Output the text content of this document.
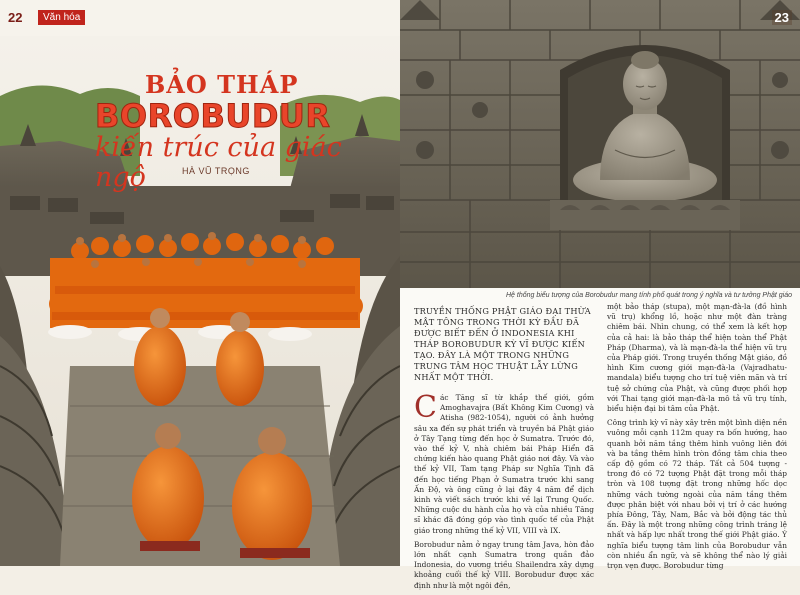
22	Văn hóa
BẢO THÁP
BOROBUDUR
kiến trúc của giác ngộ	HÀ VŨ TRỌNG
23
Hệ thống biểu tượng của Borobudur mang tính phổ quát trong ý nghĩa và tư tưởng Phật giáo

TRUYỀN THỐNG PHẬT GIÁO ĐẠI THỪA MẬT TÔNG TRONG THỜI KỲ ĐẦU ĐÃ ĐƯỢC BIẾT ĐẾN Ở INDONESIA KHI THÁP BOROBUDUR KỲ VĨ ĐƯỢC KIẾN TẠO. ĐÂY LÀ MỘT TRONG NHỮNG TRUNG TÂM HỌC THUẬT LẪY LỪNG NHẤT MỘT THỜI.

Các Tăng sĩ từ khắp thế giới, gồm Amoghavajra (Bất Không Kim Cương) và Atisha (982-1054), người có ảnh hưởng sâu xa đến sự phát triển và truyền bá Phật giáo ở Tây Tạng từng đến học ở Sumatra. Trước đó, vào thế kỷ V, nhà chiêm bái Pháp Hiển đã chứng kiến hào quang Phật giáo nơi đây. Và vào thế kỷ VII, Tam tạng Pháp sư Nghĩa Tịnh đã đến học tiếng Phạn ở Sumatra trước khi sang Ấn Độ, và ông cũng ở lại đây 4 năm để dịch kinh và viết sách trước khi về lại Trung Quốc. Những cuộc du hành của họ và của nhiều Tăng sĩ khác đã đóng góp vào tình quốc tế của Phật giáo trong những thế kỷ VII, VIII và IX.

Borobudur nằm ở ngay trung tâm Java, hòn đảo lớn nhất cạnh Sumatra trong quần đảo Indonesia, do vương triều Shailendra xây dựng khoảng cuối thế kỷ VIII. Borobudur được xác định như là một ngôi đền,

một bảo tháp (stupa), một mạn-đà-la (đồ hình vũ trụ) khổng lồ, hoặc như một đàn tràng chiêm bái. Nhìn chung, có thể xem là kết hợp của cả hai: là bảo tháp thể hiện toàn thể Phật Pháp (Dharma), và là mạn-đà-la thể hiện vũ trụ của Pháp giới. Trong truyền thống Mật giáo, đồ hình Kim cương giới mạn-đà-la (Vajradhatu-mandala) biểu tượng cho trí tuệ viên mãn và trí tuệ sở chứng của Phật, và cũng được phối hợp với Thai tạng giới mạn-đà-la mô tả vũ trụ tính, biểu hiện đại bi tâm của Phật.

Công trình kỳ vĩ này xây trên một bình diện nền vuông mỗi cạnh 112m quay ra bốn hướng, hao quanh bởi năm tầng thêm hình vuông liên đới và ba tầng thêm hình tròn đồng tâm chia theo cấp độ gồm có 72 tháp. Tất cả 504 tượng - trong đó có 72 tượng Phật đặt trong mỗi tháp tròn và 108 tượng đặt trong những hốc dọc những vách tường ngoài của năm tầng thêm được phân biệt với nhau bởi vị trí ở các hướng phía Đông, Tây, Nam, Bắc và bởi động tác thủ ấn. Đây là một trong những công trình tráng lệ nhất và hấp lực nhất trong thế giới Phật giáo. Ý nghĩa biểu tượng tâm linh của Borobudur vẫn còn nhiều ẩn ngữ, và sẽ không thể nào lý giải trọn vẹn được. Borobudur từng
